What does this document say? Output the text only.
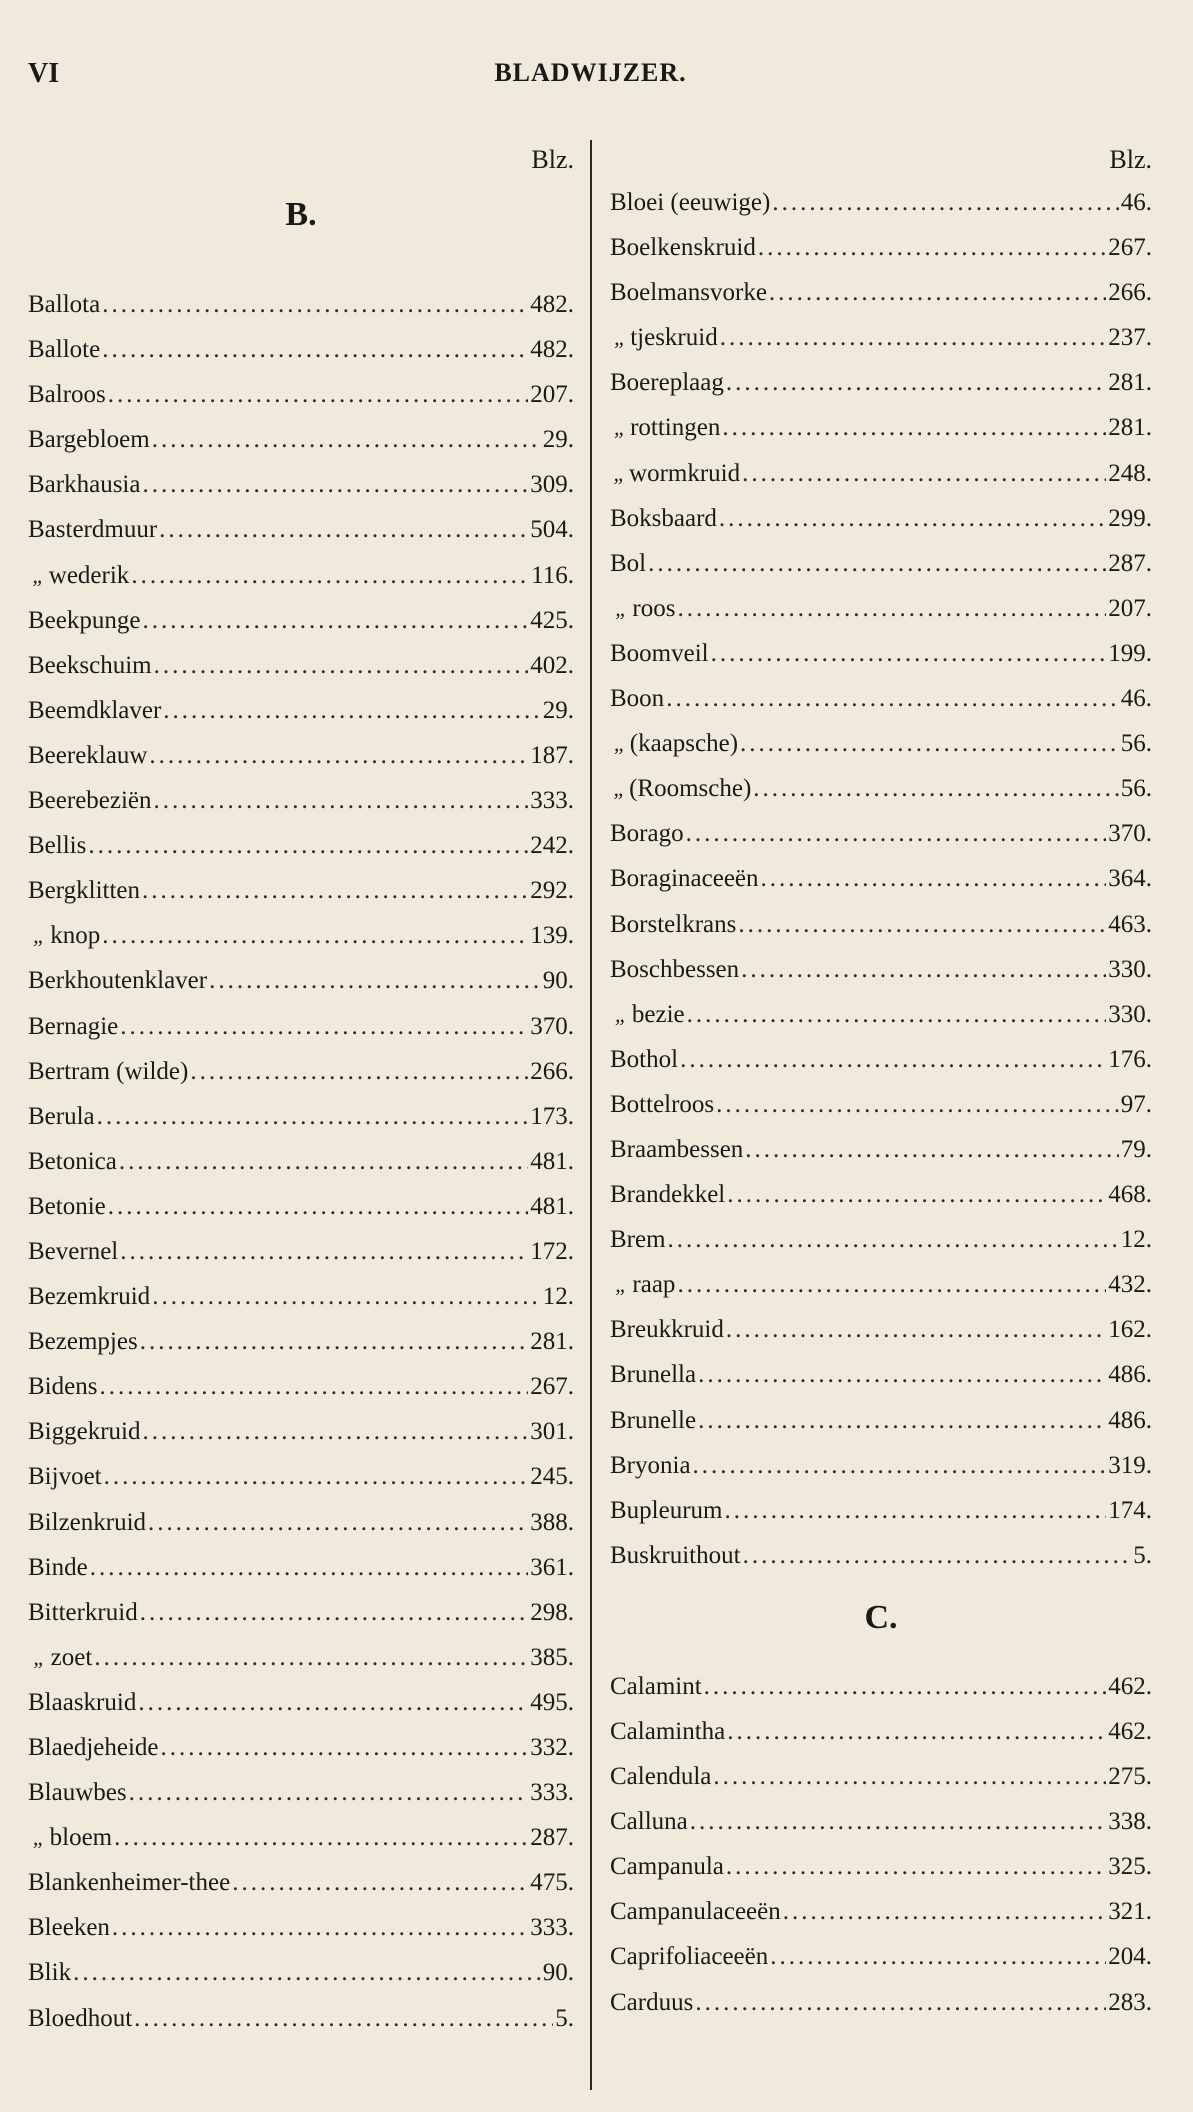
VI	BLADWIJZER.
Blz.
B.
Ballota .....	482.
Ballote .....	482.
Balroos .....	207.
Bargebloem .....	29.
Barkhausia .....	309.
Basterdmuur .....	504.
„ wederik .....	116.
Beekpunge .....	425.
Beekschuim .....	402.
Beemdklaver .....	29.
Beereklauw .....	187.
Beerebeziën .....	333.
Bellis .....	242.
Bergklitten .....	292.
„ knop .....	139.
Berkhoutenklaver .....	90.
Bernagie .....	370.
Bertram (wilde) .....	266.
Berula .....	173.
Betonica .....	481.
Betonie .....	481.
Bevernel .....	172.
Bezemkruid .....	12.
Bezempjes .....	281.
Bidens .....	267.
Biggekruid .....	301.
Bijvoet .....	245.
Bilzenkruid .....	388.
Binde .....	361.
Bitterkruid .....	298.
„ zoet .....	385.
Blaaskruid .....	495.
Blaedjeheide .....	332.
Blauwbes .....	333.
„ bloem .....	287.
Blankenheimer-thee .....	475.
Bleeken .....	333.
Blik .....	90.
Bloedhout .....	5.
Blz.
Bloei (eeuwige) .....	46.
Boelkenskruid .....	267.
Boelmansvorke .....	266.
„ tjeskruid .....	237.
Boereplaag .....	281.
„ rottingen .....	281.
„ wormkruid .....	248.
Boksbaard .....	299.
Bol .....	287.
„ roos .....	207.
Boomveil .....	199.
Boon .....	46.
„ (kaapsche) .....	56.
„ (Roomsche) .....	56.
Borago .....	370.
Boraginaceeën .....	364.
Borstelkrans .....	463.
Boschbessen .....	330.
„ bezie .....	330.
Bothol .....	176.
Bottelroos .....	97.
Braambessen .....	79.
Brandekkel .....	468.
Brem .....	12.
„ raap .....	432.
Breukkruid .....	162.
Brunella .....	486.
Brunelle .....	486.
Bryonia .....	319.
Bupleurum .....	174.
Buskruithout .....	5.
C.
Calamint .....	462.
Calamintha .....	462.
Calendula .....	275.
Calluna .....	338.
Campanula .....	325.
Campanulaceeën .....	321.
Caprifoliaceeën .....	204.
Carduus .....	283.
